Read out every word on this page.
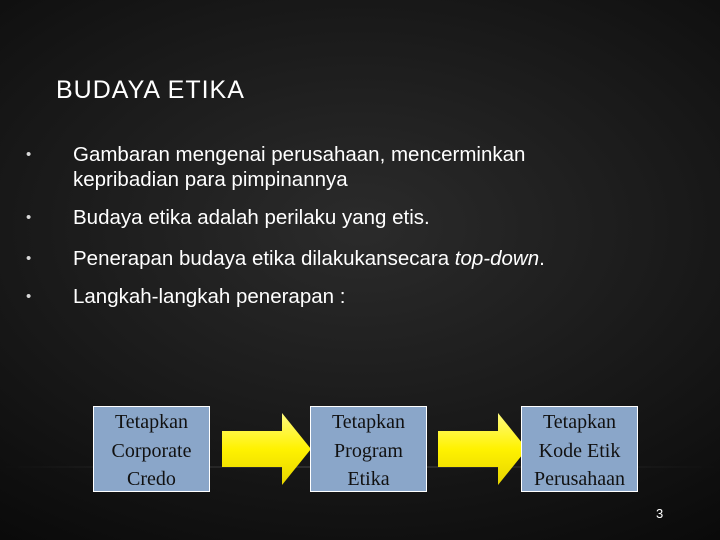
BUDAYA ETIKA
• Gambaran mengenai perusahaan, mencerminkan
kepribadian para pimpinannya
• Budaya etika adalah perilaku yang etis.
• Penerapan budaya etika dilakukansecara top-down.
• Langkah-langkah penerapan :
Tetapkan
Corporate
Credo
Tetapkan
Program
Etika
Tetapkan
Kode Etik
Perusahaan
3
